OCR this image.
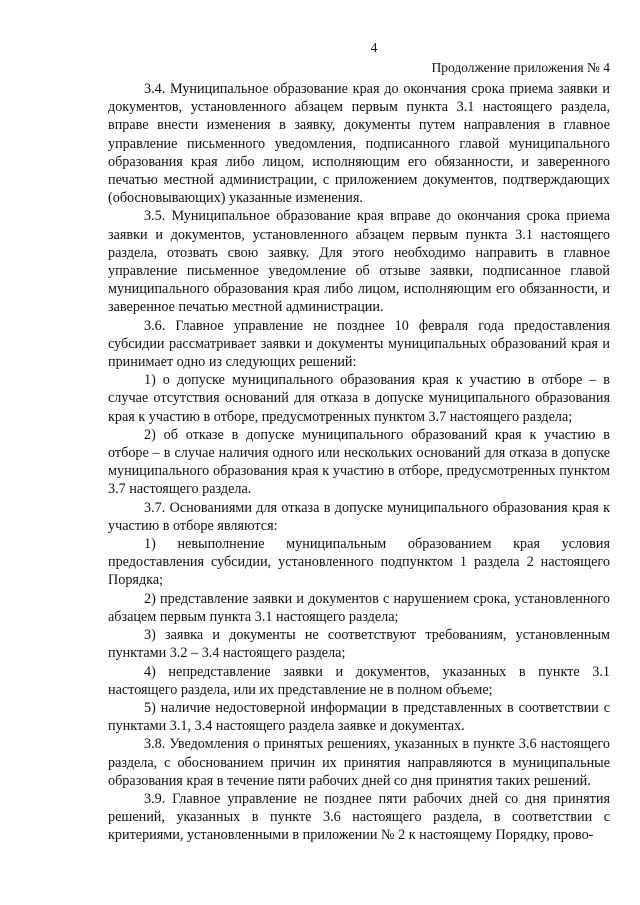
4
Продолжение приложения № 4

3.4. Муниципальное образование края до окончания срока приема заявки и документов, установленного абзацем первым пункта 3.1 настоящего раздела, вправе внести изменения в заявку, документы путем направления в главное управление письменного уведомления, подписанного главой муниципального образования края либо лицом, исполняющим его обязанности, и заверенного печатью местной администрации, с приложением документов, подтверждающих (обосновывающих) указанные изменения.

3.5. Муниципальное образование края вправе до окончания срока приема заявки и документов, установленного абзацем первым пункта 3.1 настоящего раздела, отозвать свою заявку. Для этого необходимо направить в главное управление письменное уведомление об отзыве заявки, подписанное главой муниципального образования края либо лицом, исполняющим его обязанности, и заверенное печатью местной администрации.

3.6. Главное управление не позднее 10 февраля года предоставления субсидии рассматривает заявки и документы муниципальных образований края и принимает одно из следующих решений:

1) о допуске муниципального образования края к участию в отборе – в случае отсутствия оснований для отказа в допуске муниципального образования края к участию в отборе, предусмотренных пунктом 3.7 настоящего раздела;

2) об отказе в допуске муниципального образований края к участию в отборе – в случае наличия одного или нескольких оснований для отказа в допуске муниципального образования края к участию в отборе, предусмотренных пунктом 3.7 настоящего раздела.

3.7. Основаниями для отказа в допуске муниципального образования края к участию в отборе являются:

1) невыполнение муниципальным образованием края условия предоставления субсидии, установленного подпунктом 1 раздела 2 настоящего Порядка;

2) представление заявки и документов с нарушением срока, установленного абзацем первым пункта 3.1 настоящего раздела;

3) заявка и документы не соответствуют требованиям, установленным пунктами 3.2 – 3.4 настоящего раздела;

4) непредставление заявки и документов, указанных в пункте 3.1 настоящего раздела, или их представление не в полном объеме;

5) наличие недостоверной информации в представленных в соответствии с пунктами 3.1, 3.4 настоящего раздела заявке и документах.

3.8. Уведомления о принятых решениях, указанных в пункте 3.6 настоящего раздела, с обоснованием причин их принятия направляются в муниципальные образования края в течение пяти рабочих дней со дня принятия таких решений.

3.9. Главное управление не позднее пяти рабочих дней со дня принятия решений, указанных в пункте 3.6 настоящего раздела, в соответствии с критериями, установленными в приложении № 2 к настоящему Порядку, прово-
